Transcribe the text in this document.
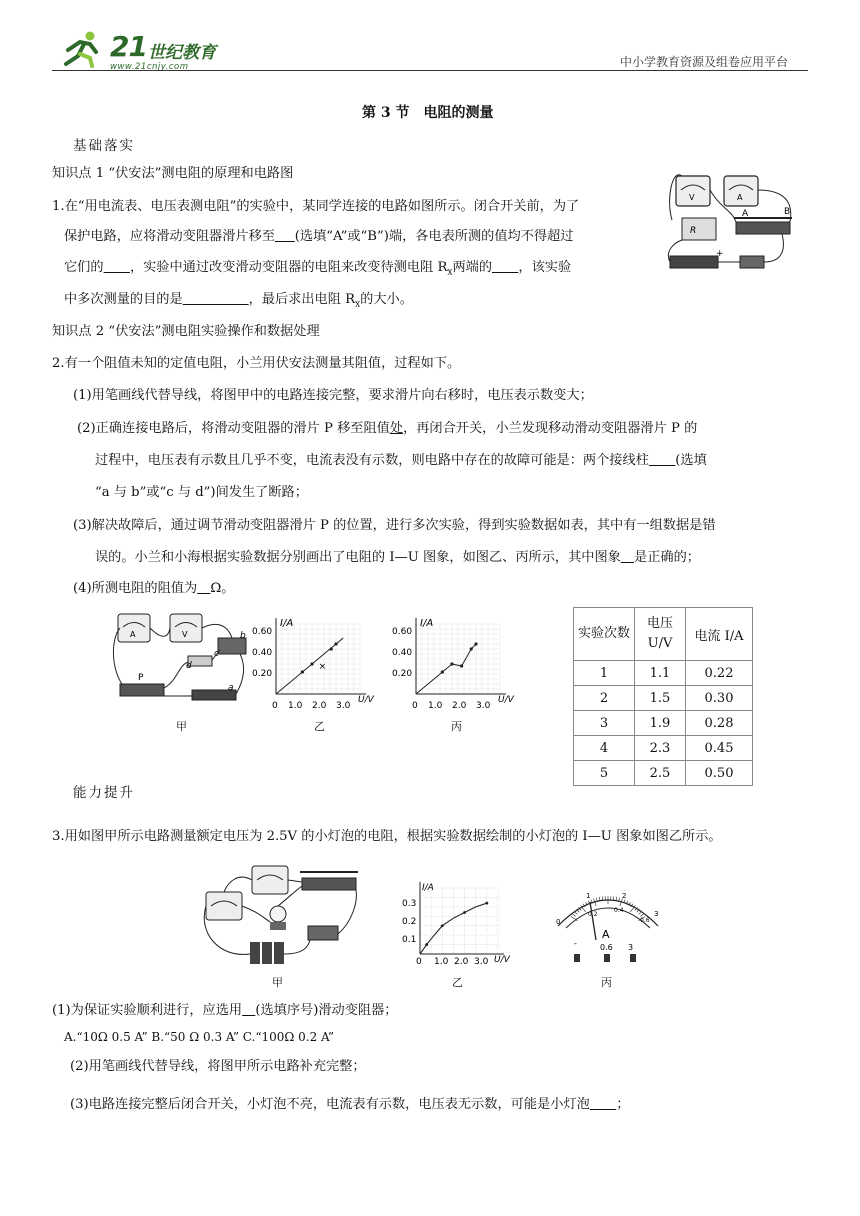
21 世纪教育
www.21cnjy.com	中小学教育资源及组卷应用平台
第 3 节　电阻的测量
基础落实
知识点 1 “伏安法”测电阻的原理和电路图
1.在“用电流表、电压表测电阻”的实验中，某同学连接的电路如图所示。闭合开关前，为了
保护电路，应将滑动变阻器滑片移至   (选填“A”或“B”)端，各电表所测的值均不得超过
它们的   ，实验中通过改变滑动变阻器的电阻来改变待测电阻 $R_x$两端的   ，该实验
中多次测量的目的是     	，最后求出电阻 $R_x$的大小。
V	A
R
A	B
+
知识点 2 “伏安法”测电阻实验操作和数据处理
2.有一个阻值未知的定值电阻，小兰用伏安法测量其阻值，过程如下。
(1)用笔画线代替导线，将图甲中的电路连接完整，要求滑片向右移时，电压表示数变大；
(2)正确连接电路后，将滑动变阻器的滑片 P 移至阻值处，再闭合开关，小兰发现移动滑动变阻器滑片 P 的
过程中，电压表有示数且几乎不变，电流表没有示数，则电路中存在的故障可能是：两个接线柱   (选填
“a 与 b”或“c 与 d”)间发生了断路；
(3)解决故障后，通过调节滑动变阻器滑片 P 的位置，进行多次实验，得到实验数据如表，其中有一组数据是错
误的。小兰和小海根据实验数据分别画出了电阻的 I—U 图象，如图乙、丙所示，其中图象  是正确的；
(4)所测电阻的阻值为  Ω。
A	V	b
d
c
P
-
a
甲
I/A
U/V
0.60
0.40
0.20
0 1.0 2.0 3.0
×
乙
I/A
U/V
0.60
0.40
0.20
0 1.0 2.0 3.0
丙
实验次数	电压 U/V	电流 I/A
1	1.1	0.22
2	1.5	0.30
3	1.9	0.28
4	2.3	0.45
5	2.5	0.50
能力提升
3.用如图甲所示电路测量额定电压为 2.5V 的小灯泡的电阻，根据实验数据绘制的小灯泡的 I—U 图象如图乙所示。
甲
I/A
U/V
0.3
0.2
0.1
0 1.0 2.0 3.0
乙
0
1	2
3
0.2
0.4
0.6
A
-	0.6 3
丙
(1)为保证实验顺利进行，应选用  (选填序号)滑动变阻器；
A.“10Ω 0.5 A” B.“50 Ω 0.3 A” C.“100Ω 0.2 A”
(2)用笔画线代替导线，将图甲所示电路补充完整；
(3)电路连接完整后闭合开关，小灯泡不亮，电流表有示数，电压表无示数，可能是小灯泡   ；
